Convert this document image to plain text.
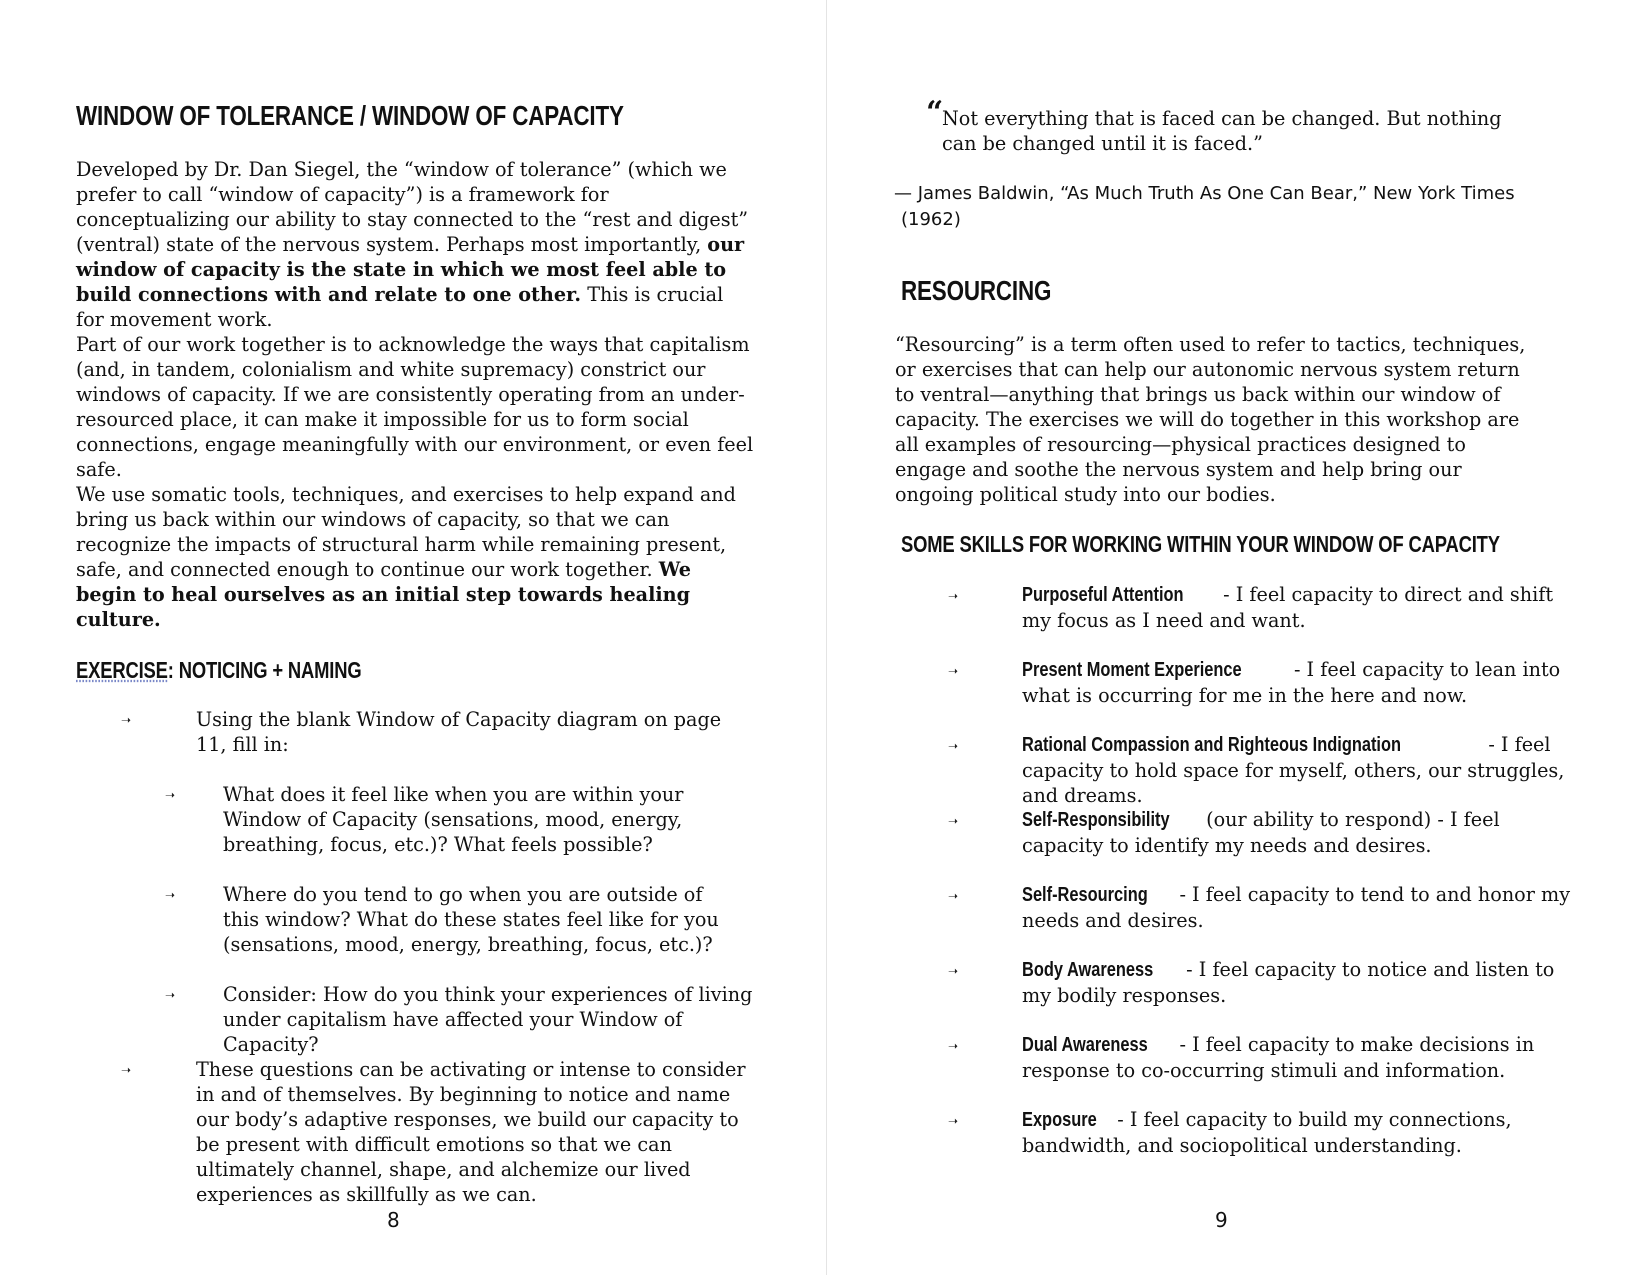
WINDOW OF TOLERANCE / WINDOW OF CAPACITY
Developed by Dr. Dan Siegel, the “window of tolerance” (which we prefer to call “window of capacity”) is a framework for conceptualizing our ability to stay connected to the “rest and digest” (ventral) state of the nervous system. Perhaps most importantly, our window of capacity is the state in which we most feel able to build connections with and relate to one other. This is crucial for movement work.
Part of our work together is to acknowledge the ways that capitalism (and, in tandem, colonialism and white supremacy) constrict our windows of capacity. If we are consistently operating from an under-resourced place, it can make it impossible for us to form social connections, engage meaningfully with our environment, or even feel safe.
We use somatic tools, techniques, and exercises to help expand and bring us back within our windows of capacity, so that we can recognize the impacts of structural harm while remaining present, safe, and connected enough to continue our work together. We begin to heal ourselves as an initial step towards healing culture.
EXERCISE: NOTICING + NAMING
➝	Using the blank Window of Capacity diagram on page 11, fill in:
➝ What does it feel like when you are within your Window of Capacity (sensations, mood, energy, breathing, focus, etc.)? What feels possible?
➝ Where do you tend to go when you are outside of this window? What do these states feel like for you (sensations, mood, energy, breathing, focus, etc.)?
➝ Consider: How do you think your experiences of living under capitalism have affected your Window of Capacity?
➝	These questions can be activating or intense to consider in and of themselves. By beginning to notice and name our body’s adaptive responses, we build our capacity to be present with difficult emotions so that we can ultimately channel, shape, and alchemize our lived experiences as skillfully as we can.
8
“
Not everything that is faced can be changed. But nothing can be changed until it is faced.”
— James Baldwin, “As Much Truth As One Can Bear,” New York Times
(1962)
RESOURCING
“Resourcing” is a term often used to refer to tactics, techniques, or exercises that can help our autonomic nervous system return to ventral—anything that brings us back within our window of capacity. The exercises we will do together in this workshop are all examples of resourcing—physical practices designed to engage and soothe the nervous system and help bring our ongoing political study into our bodies.
SOME SKILLS FOR WORKING WITHIN YOUR WINDOW OF CAPACITY
➝	Purposeful Attention - I feel capacity to direct and shift my focus as I need and want.
➝	Present Moment Experience - I feel capacity to lean into what is occurring for me in the here and now.
➝	Rational Compassion and Righteous Indignation	- I feel capacity to hold space for myself, others, our struggles, and dreams.
➝	Self-Responsibility (our ability to respond) - I feel capacity to identify my needs and desires.
➝	Self-Resourcing - I feel capacity to tend to and honor my needs and desires.
➝	Body Awareness - I feel capacity to notice and listen to my bodily responses.
➝	Dual Awareness - I feel capacity to make decisions in response to co-occurring stimuli and information.
➝	Exposure - I feel capacity to build my connections, bandwidth, and sociopolitical understanding.
9
